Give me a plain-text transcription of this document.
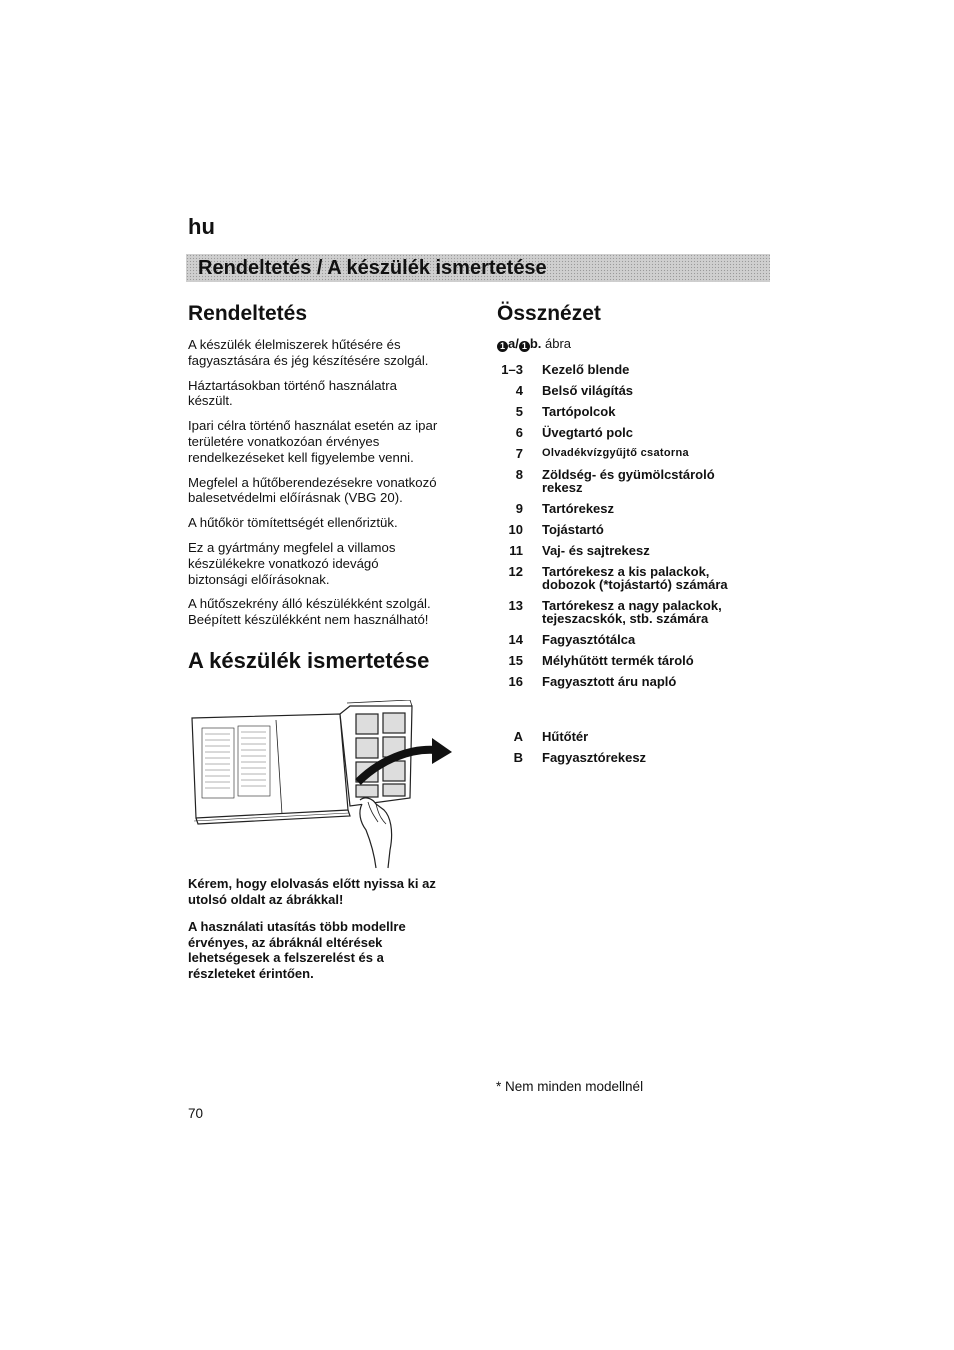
hu
Rendeltetés / A készülék ismertetése
Rendeltetés

A készülék élelmiszerek hűtésére és fagyasztására és jég készítésére szolgál.

Háztartásokban történő használatra készült.

Ipari célra történő használat esetén az ipar területére vonatkozóan érvényes rendelkezéseket kell figyelembe venni.

Megfelel a hűtőberendezésekre vonatkozó balesetvédelmi előírásnak (VBG 20).

A hűtőkör tömítettségét ellenőriztük.

Ez a gyártmány megfelel a villamos készülékekre vonatkozó idevágó biztonsági előírásoknak.

A hűtőszekrény álló készülékként szolgál. Beépített készülékként nem használható!

A készülék ismertetése

Kérem, hogy elolvasás előtt nyissa ki az utolsó oldalt az ábrákkal!

A használati utasítás több modellre érvényes, az ábráknál eltérések lehetségesek a felszerelést és a részleteket érintően.

Össznézet
1 a/ 1 b. ábra
1–3 Kezelő blende
4 Belső világítás
5 Tartópolcok
6 Üvegtartó polc
7 Olvadékvízgyűjtő csatorna
8 Zöldség- és gyümölcstároló rekesz
9 Tartórekesz
10 Tojástartó
11 Vaj- és sajtrekesz
12 Tartórekesz a kis palackok, dobozok (*tojástartó) számára
13 Tartórekesz a nagy palackok, tejeszacskók, stb. számára
14 Fagyasztótálca
15 Mélyhűtött termék tároló
16 Fagyasztott áru napló
A Hűtőtér
B Fagyasztórekesz
* Nem minden modellnél
70
